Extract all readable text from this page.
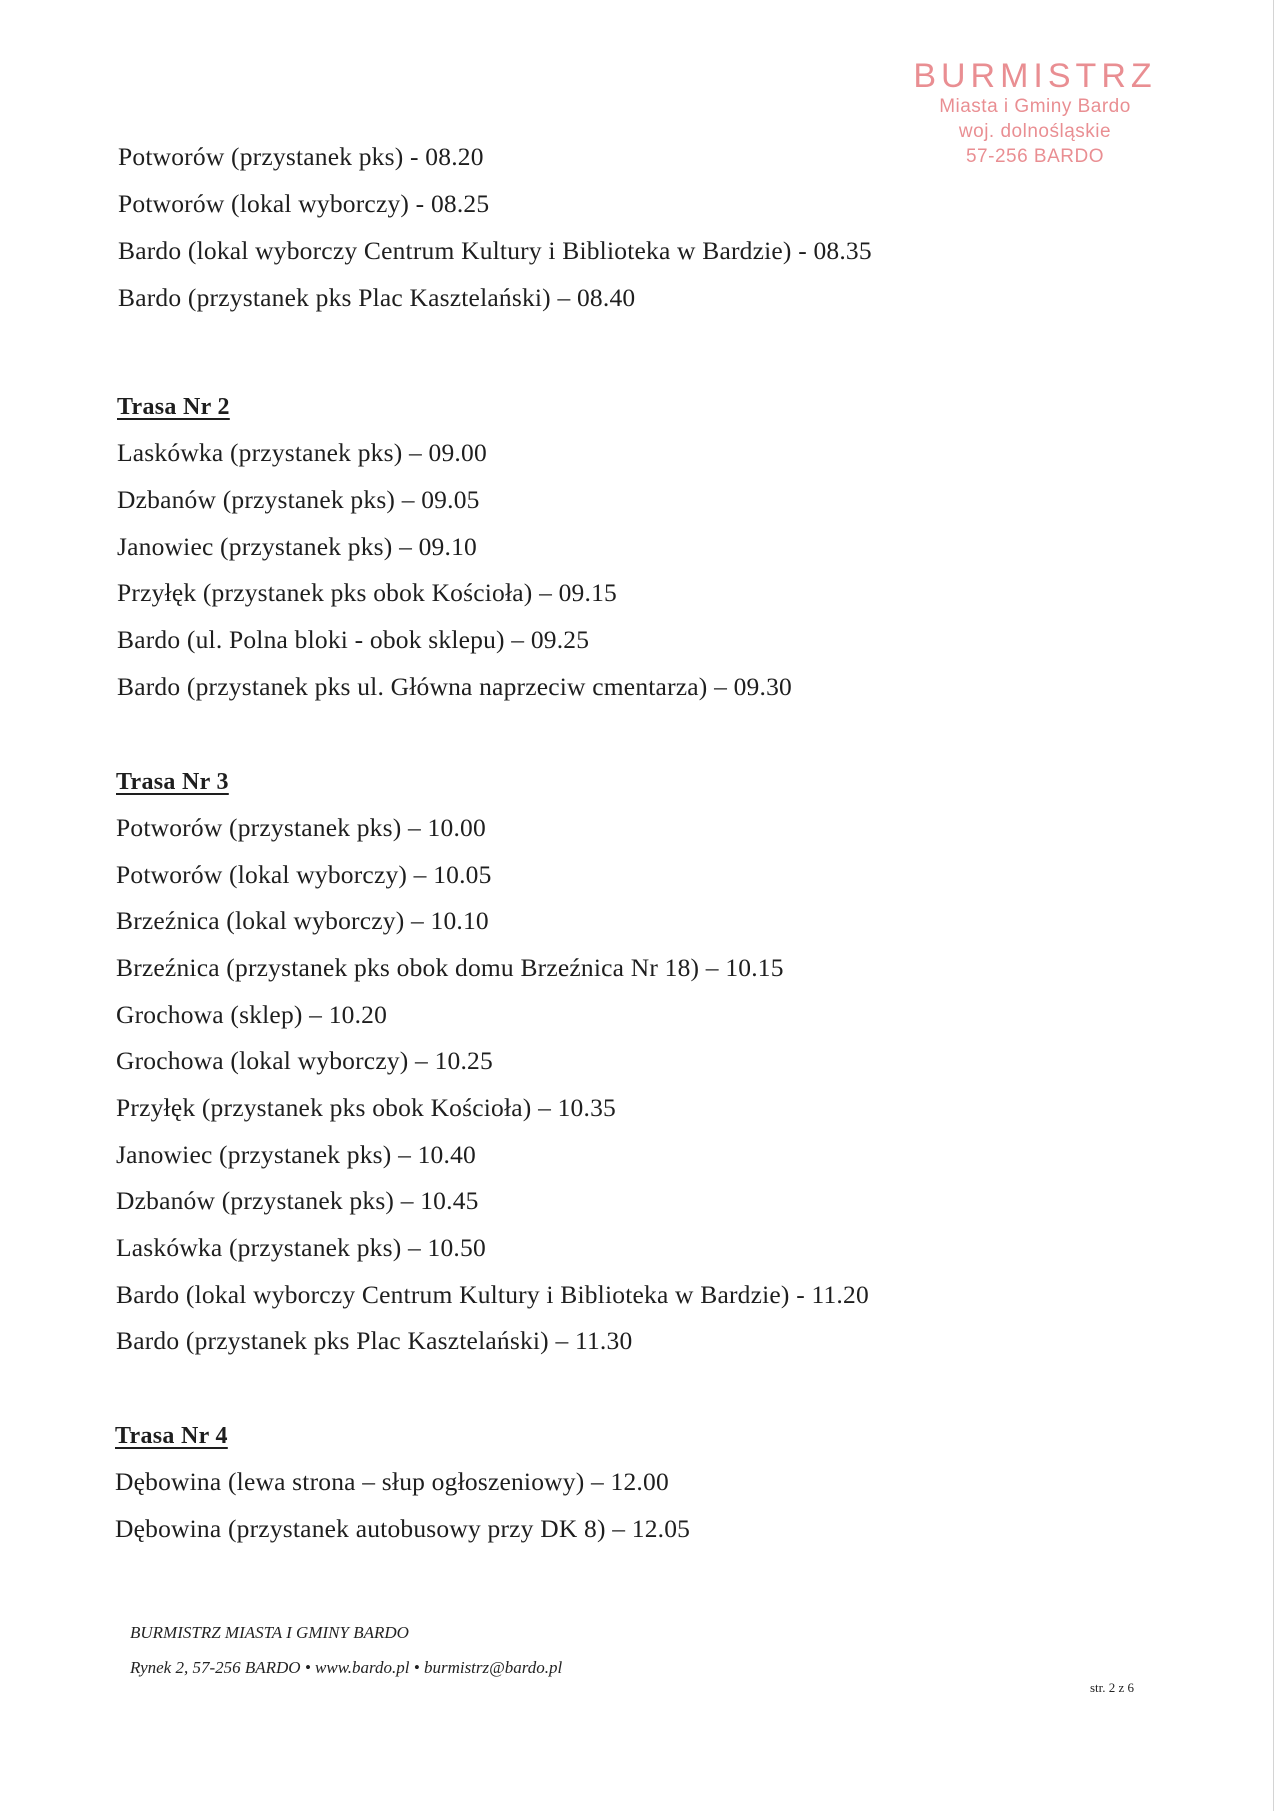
BURMISTRZ
Miasta i Gminy Bardo
woj. dolnośląskie
57-256 BARDO
Potworów (przystanek pks) - 08.20
Potworów (lokal wyborczy) - 08.25
Bardo (lokal wyborczy Centrum Kultury i Biblioteka w Bardzie) - 08.35
Bardo (przystanek pks Plac Kasztelański) – 08.40
Trasa Nr 2
Laskówka (przystanek pks) – 09.00
Dzbanów (przystanek pks) – 09.05
Janowiec (przystanek pks) – 09.10
Przyłęk (przystanek pks obok Kościoła) – 09.15
Bardo (ul. Polna bloki - obok sklepu) – 09.25
Bardo (przystanek pks ul. Główna naprzeciw cmentarza) – 09.30
Trasa Nr 3
Potworów (przystanek pks) – 10.00
Potworów (lokal wyborczy) – 10.05
Brzeźnica (lokal wyborczy) – 10.10
Brzeźnica (przystanek pks obok domu Brzeźnica Nr 18) – 10.15
Grochowa (sklep) – 10.20
Grochowa (lokal wyborczy) – 10.25
Przyłęk (przystanek pks obok Kościoła) – 10.35
Janowiec (przystanek pks) – 10.40
Dzbanów (przystanek pks) – 10.45
Laskówka (przystanek pks) – 10.50
Bardo (lokal wyborczy Centrum Kultury i Biblioteka w Bardzie) - 11.20
Bardo (przystanek pks Plac Kasztelański) – 11.30
Trasa Nr 4
Dębowina (lewa strona – słup ogłoszeniowy) – 12.00
Dębowina (przystanek autobusowy przy DK 8) – 12.05
BURMISTRZ MIASTA I GMINY BARDO
Rynek 2, 57-256 BARDO • www.bardo.pl • burmistrz@bardo.pl
str. 2 z 6
